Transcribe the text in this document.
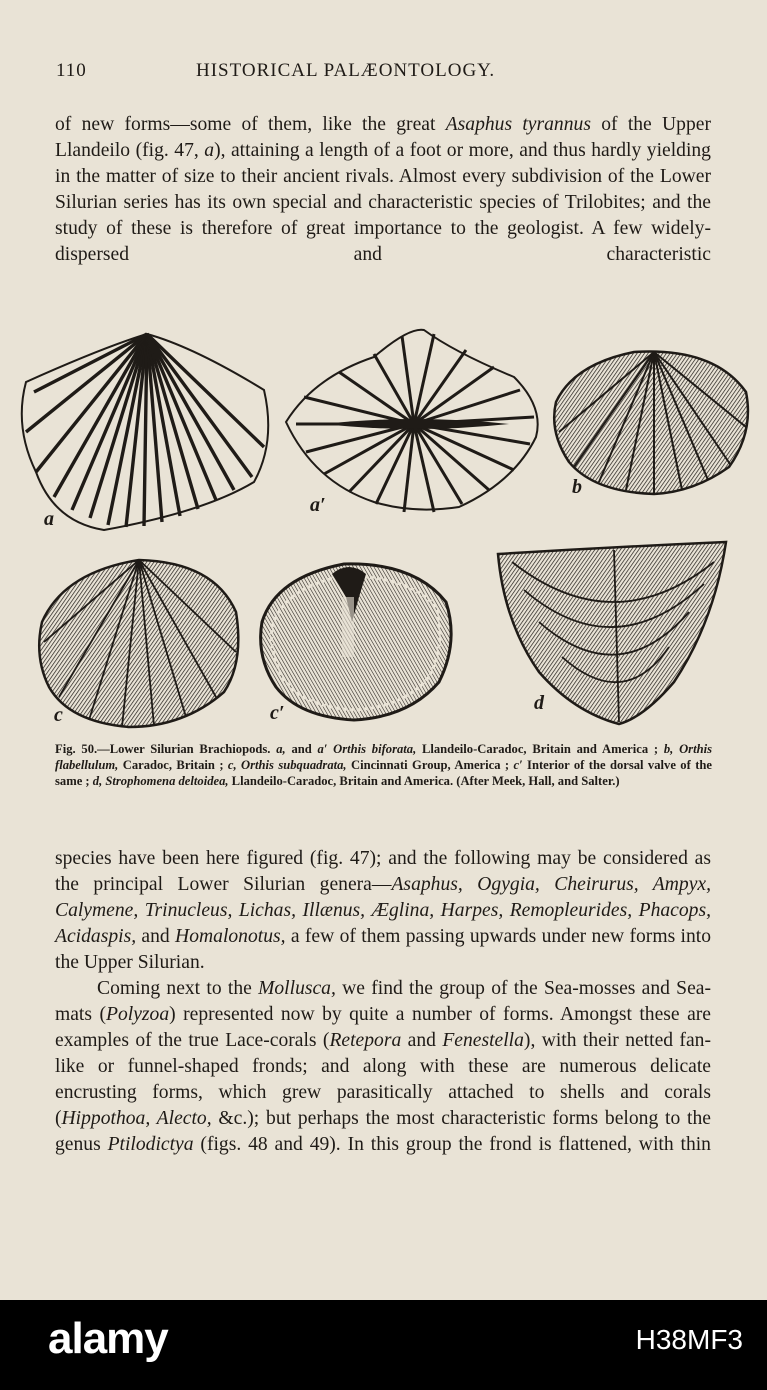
110	HISTORICAL PALÆONTOLOGY.

of new forms—some of them, like the great Asaphus tyrannus of the Upper Llandeilo (fig. 47, a), attaining a length of a foot or more, and thus hardly yielding in the matter of size to their ancient rivals. Almost every subdivision of the Lower Silurian series has its own special and characteristic species of Trilobites; and the study of these is therefore of great importance to the geologist. A few widely-dispersed and characteristic

a
a′
b
c	c′	d
Fig. 50.—Lower Silurian Brachiopods. a, and a′ Orthis biforata, Llandeilo-Caradoc, Britain and America ; b, Orthis flabellulum, Caradoc, Britain ; c, Orthis subquadrata, Cincinnati Group, America ; c′ Interior of the dorsal valve of the same ; d, Strophomena deltoidea, Llandeilo-Caradoc, Britain and America. (After Meek, Hall, and Salter.)

species have been here figured (fig. 47); and the following may be considered as the principal Lower Silurian genera—Asaphus, Ogygia, Cheirurus, Ampyx, Calymene, Trinucleus, Lichas, Illænus, Æglina, Harpes, Remopleurides, Phacops, Acidaspis, and Homalonotus, a few of them passing upwards under new forms into the Upper Silurian.

Coming next to the Mollusca, we find the group of the Sea-mosses and Sea-mats (Polyzoa) represented now by quite a number of forms. Amongst these are examples of the true Lace-corals (Retepora and Fenestella), with their netted fan-like or funnel-shaped fronds; and along with these are numerous delicate encrusting forms, which grew parasitically attached to shells and corals (Hippothoa, Alecto, &c.); but perhaps the most characteristic forms belong to the genus Ptilodictya (figs. 48 and 49). In this group the frond is flattened, with thin

alamy	H38MF3
